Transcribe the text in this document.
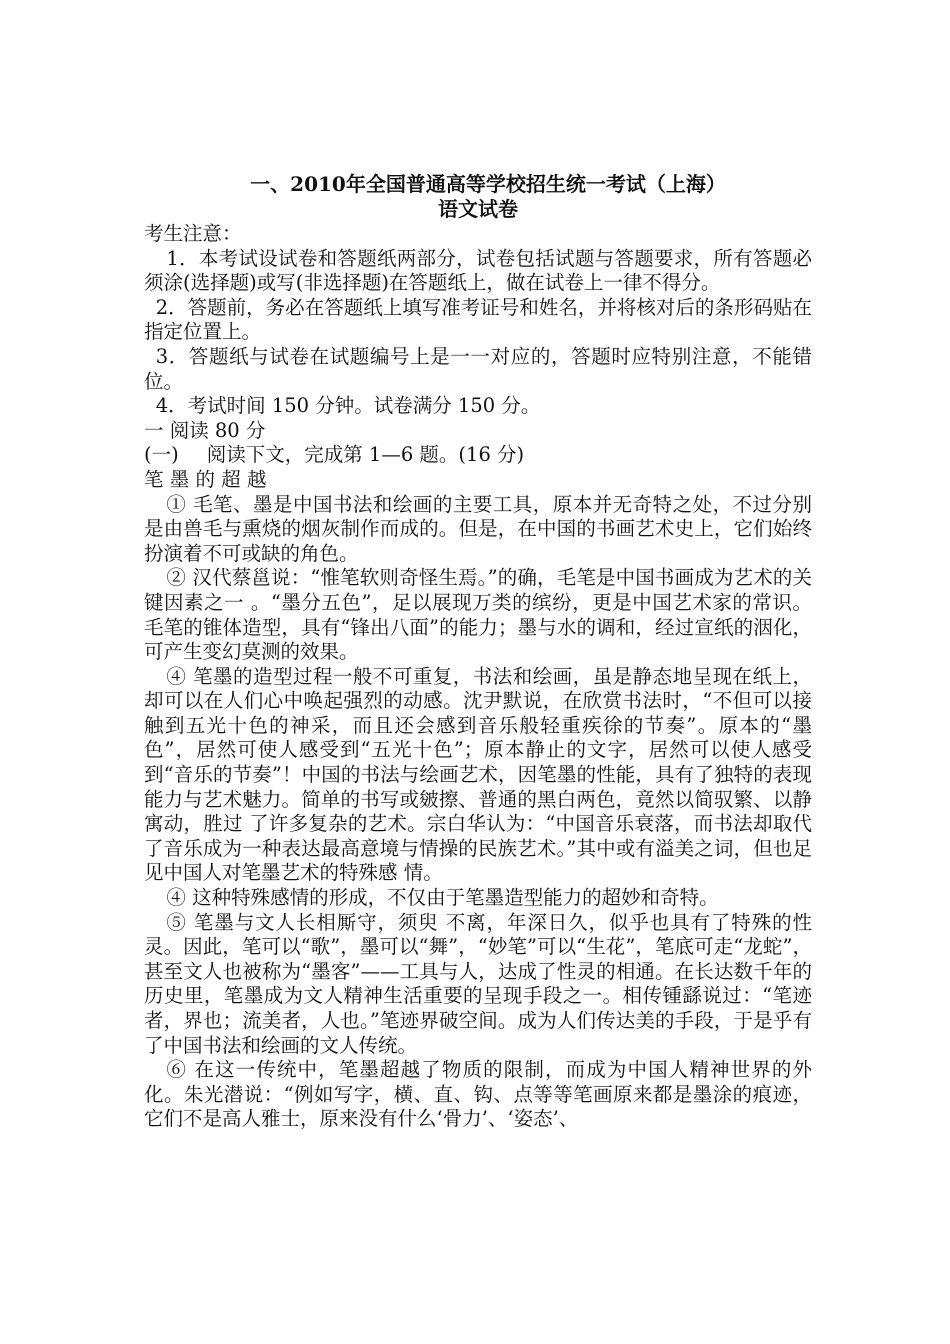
一、2010年全国普通高等学校招生统一考试（上海）
语文试卷

考生注意：

1．本考试设试卷和答题纸两部分，试卷包括试题与答题要求，所有答题必须涂(选择题)或写(非选择题)在答题纸上，做在试卷上一律不得分。

2．答题前，务必在答题纸上填写准考证号和姓名，并将核对后的条形码贴在指定位置上。

3．答题纸与试卷在试题编号上是一一对应的，答题时应特别注意，不能错位。

4．考试时间 150 分钟。试卷满分 150 分。

一 阅读 80 分

(一) 阅读下文，完成第 1—6 题。(16 分)

笔墨的超越

① 毛笔、墨是中国书法和绘画的主要工具，原本并无奇特之处，不过分别是由兽毛与熏烧的烟灰制作而成的。但是，在中国的书画艺术史上，它们始终扮演着不可或缺的角色。

② 汉代蔡邕说：“惟笔软则奇怪生焉。”的确，毛笔是中国书画成为艺术的关键因素之一 。“墨分五色”，足以展现万类的缤纷，更是中国艺术家的常识。毛笔的锥体造型，具有“锋出八面”的能力；墨与水的调和，经过宣纸的洇化，可产生变幻莫测的效果。

④ 笔墨的造型过程一般不可重复，书法和绘画，虽是静态地呈现在纸上，却可以在人们心中唤起强烈的动感。沈尹默说，在欣赏书法时，“不但可以接触到五光十色的神采，而且还会感到音乐般轻重疾徐的节奏”。原本的“墨色”，居然可使人感受到“五光十色”；原本静止的文字，居然可以使人感受到“音乐的节奏”！中国的书法与绘画艺术，因笔墨的性能，具有了独特的表现能力与艺术魅力。简单的书写或皴擦、普通的黑白两色，竟然以简驭繁、以静寓动，胜过 了许多复杂的艺术。宗白华认为：“中国音乐衰落，而书法却取代了音乐成为一种表达最高意境与情操的民族艺术。”其中或有溢美之词，但也足见中国人对笔墨艺术的特殊感 情。

④ 这种特殊感情的形成，不仅由于笔墨造型能力的超妙和奇特。

⑤ 笔墨与文人长相厮守，须臾 不离，年深日久，似乎也具有了特殊的性灵。因此，笔可以“歌”，墨可以“舞”，“妙笔”可以“生花”，笔底可走“龙蛇”，甚至文人也被称为“墨客”——工具与人，达成了性灵的相通。在长达数千年的历史里，笔墨成为文人精神生活重要的呈现手段之一。相传锺繇说过：“笔迹者，界也；流美者，人也。”笔迹界破空间。成为人们传达美的手段，于是乎有了中国书法和绘画的文人传统。

⑥ 在这一传统中，笔墨超越了物质的限制，而成为中国人精神世界的外化。朱光潜说：“例如写字，横、直、钩、点等等笔画原来都是墨涂的痕迹，它们不是高人雅士，原来没有什么‘骨力’、‘姿态’、
